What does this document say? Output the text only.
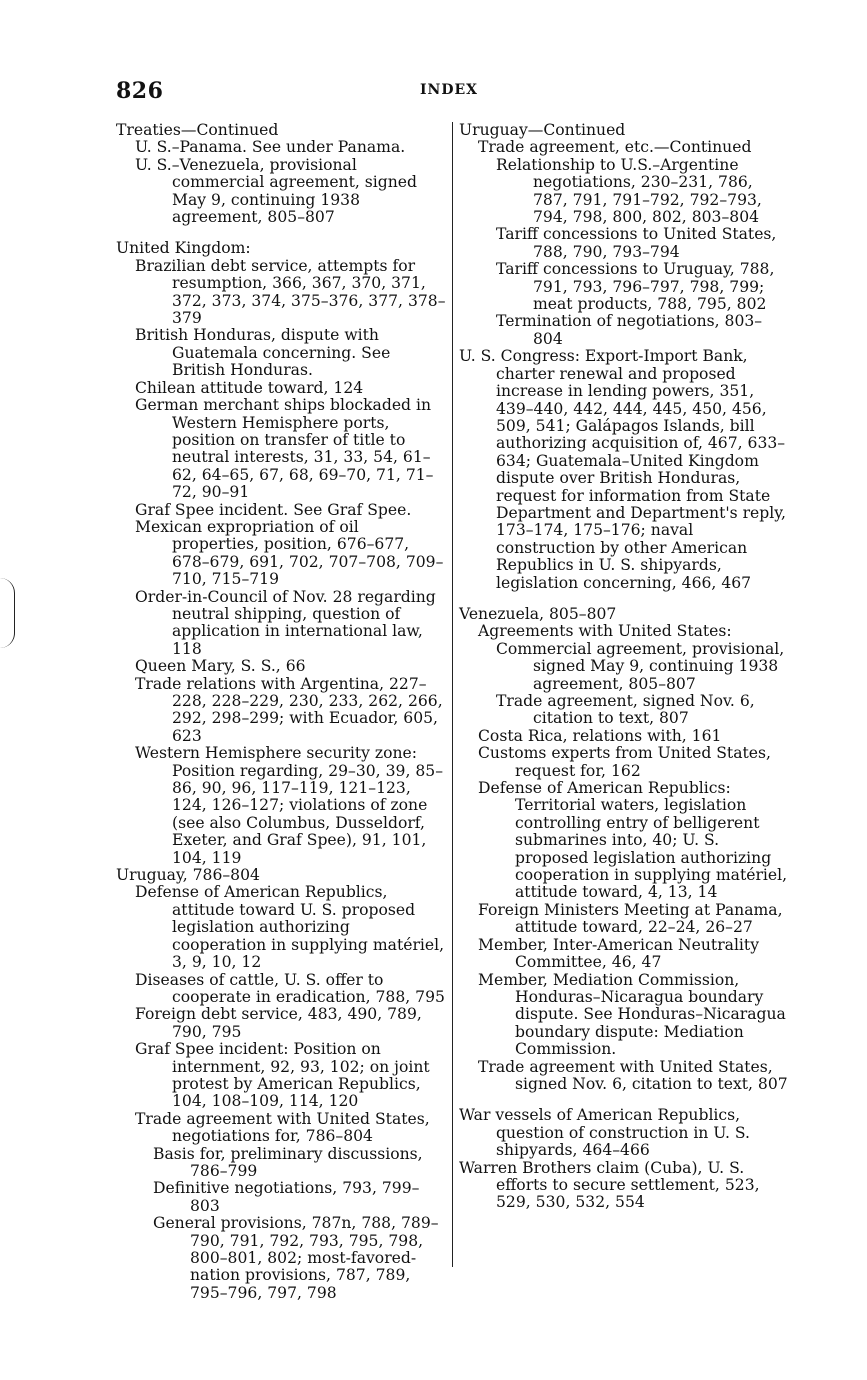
826	INDEX
Treaties—Continued
U. S.–Panama. See under Panama.
U. S.–Venezuela, provisional commercial agreement, signed May 9, continuing 1938 agreement, 805–807
United Kingdom:
Brazilian debt service, attempts for resumption, 366, 367, 370, 371, 372, 373, 374, 375–376, 377, 378–379
British Honduras, dispute with Guatemala concerning. See British Honduras.
Chilean attitude toward, 124
German merchant ships blockaded in Western Hemisphere ports, position on transfer of title to neutral interests, 31, 33, 54, 61–62, 64–65, 67, 68, 69–70, 71, 71–72, 90–91
Graf Spee incident. See Graf Spee.
Mexican expropriation of oil properties, position, 676–677, 678–679, 691, 702, 707–708, 709–710, 715–719
Order-in-Council of Nov. 28 regarding neutral shipping, question of application in international law, 118
Queen Mary, S. S., 66
Trade relations with Argentina, 227–228, 228–229, 230, 233, 262, 266, 292, 298–299; with Ecuador, 605, 623
Western Hemisphere security zone: Position regarding, 29–30, 39, 85–86, 90, 96, 117–119, 121–123, 124, 126–127; violations of zone (see also Columbus, Dusseldorf, Exeter, and Graf Spee), 91, 101, 104, 119
Uruguay, 786–804
Defense of American Republics, attitude toward U. S. proposed legislation authorizing cooperation in supplying matériel, 3, 9, 10, 12
Diseases of cattle, U. S. offer to cooperate in eradication, 788, 795
Foreign debt service, 483, 490, 789, 790, 795
Graf Spee incident: Position on internment, 92, 93, 102; on joint protest by American Republics, 104, 108–109, 114, 120
Trade agreement with United States, negotiations for, 786–804
Basis for, preliminary discussions, 786–799
Definitive negotiations, 793, 799–803
General provisions, 787n, 788, 789–790, 791, 792, 793, 795, 798, 800–801, 802; most-favored-nation provisions, 787, 789, 795–796, 797, 798
Uruguay—Continued
Trade agreement, etc.—Continued
Relationship to U.S.–Argentine negotiations, 230–231, 786, 787, 791, 791–792, 792–793, 794, 798, 800, 802, 803–804
Tariff concessions to United States, 788, 790, 793–794
Tariff concessions to Uruguay, 788, 791, 793, 796–797, 798, 799; meat products, 788, 795, 802
Termination of negotiations, 803–804
U. S. Congress: Export-Import Bank, charter renewal and proposed increase in lending powers, 351, 439–440, 442, 444, 445, 450, 456, 509, 541; Galápagos Islands, bill authorizing acquisition of, 467, 633–634; Guatemala–United Kingdom dispute over British Honduras, request for information from State Department and Department's reply, 173–174, 175–176; naval construction by other American Republics in U. S. shipyards, legislation concerning, 466, 467
Venezuela, 805–807
Agreements with United States:
Commercial agreement, provisional, signed May 9, continuing 1938 agreement, 805–807
Trade agreement, signed Nov. 6, citation to text, 807
Costa Rica, relations with, 161
Customs experts from United States, request for, 162
Defense of American Republics: Territorial waters, legislation controlling entry of belligerent submarines into, 40; U. S. proposed legislation authorizing cooperation in supplying matériel, attitude toward, 4, 13, 14
Foreign Ministers Meeting at Panama, attitude toward, 22–24, 26–27
Member, Inter-American Neutrality Committee, 46, 47
Member, Mediation Commission, Honduras–Nicaragua boundary dispute. See Honduras–Nicaragua boundary dispute: Mediation Commission.
Trade agreement with United States, signed Nov. 6, citation to text, 807
War vessels of American Republics, question of construction in U. S. shipyards, 464–466
Warren Brothers claim (Cuba), U. S. efforts to secure settlement, 523, 529, 530, 532, 554
